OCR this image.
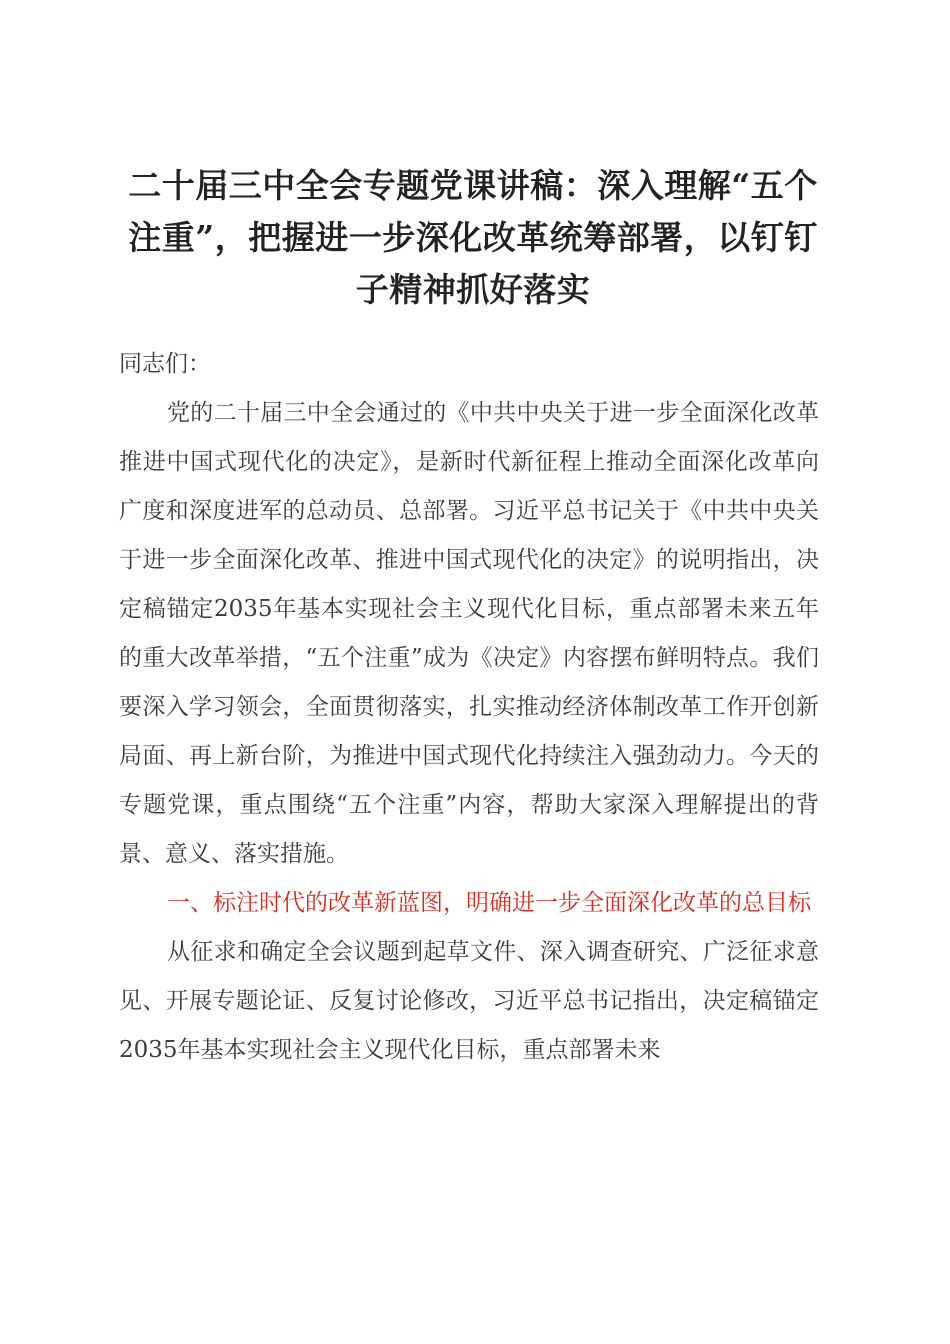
二十届三中全会专题党课讲稿：深入理解“五个注重”，把握进一步深化改革统筹部署，以钉钉子精神抓好落实

同志们：

党的二十届三中全会通过的《中共中央关于进一步全面深化改革推进中国式现代化的决定》，是新时代新征程上推动全面深化改革向广度和深度进军的总动员、总部署。习近平总书记关于《中共中央关于进一步全面深化改革、推进中国式现代化的决定》的说明指出，决定稿锚定2035年基本实现社会主义现代化目标，重点部署未来五年的重大改革举措，“五个注重”成为《决定》内容摆布鲜明特点。我们要深入学习领会，全面贯彻落实，扎实推动经济体制改革工作开创新局面、再上新台阶，为推进中国式现代化持续注入强劲动力。今天的专题党课，重点围绕“五个注重”内容，帮助大家深入理解提出的背景、意义、落实措施。

一、标注时代的改革新蓝图，明确进一步全面深化改革的总目标

从征求和确定全会议题到起草文件、深入调查研究、广泛征求意见、开展专题论证、反复讨论修改，习近平总书记指出，决定稿锚定2035年基本实现社会主义现代化目标，重点部署未来
